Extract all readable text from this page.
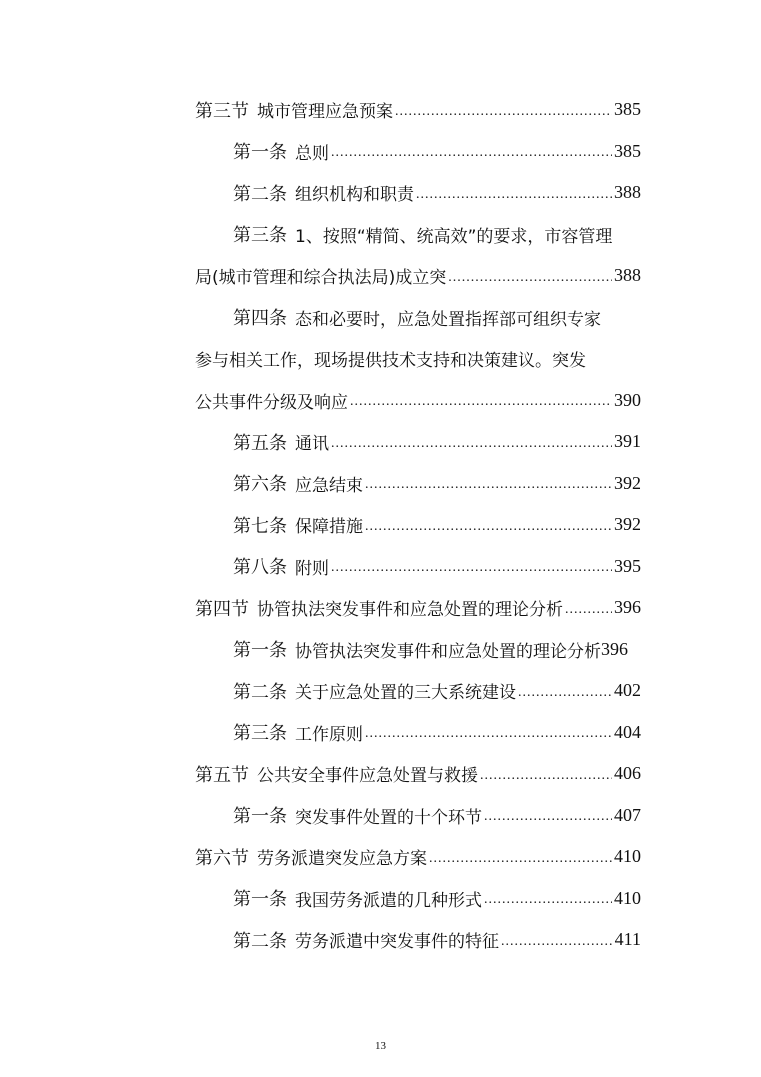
第三节 城市管理应急预案 .....	385
第一条 总则 .....	385
第二条 组织机构和职责 .....	388
第三条 1、按照“精简、统高效”的要求，市容管理
局(城市管理和综合执法局)成立突 .....	388
第四条 态和必要时，应急处置指挥部可组织专家
参与相关工作，现场提供技术支持和决策建议。突发
公共事件分级及响应 .....	390
第五条 通讯 .....	391
第六条 应急结束 .....	392
第七条 保障措施 .....	392
第八条 附则 .....	395
第四节 协管执法突发事件和应急处置的理论分析 .....	396
第一条 协管执法突发事件和应急处置的理论分析 396
第二条 关于应急处置的三大系统建设 .....	402
第三条 工作原则 .....	404
第五节 公共安全事件应急处置与救援 .....	406
第一条 突发事件处置的十个环节 .....	407
第六节 劳务派遣突发应急方案 .....	410
第一条 我国劳务派遣的几种形式 .....	410
第二条 劳务派遣中突发事件的特征 .....	411
13
